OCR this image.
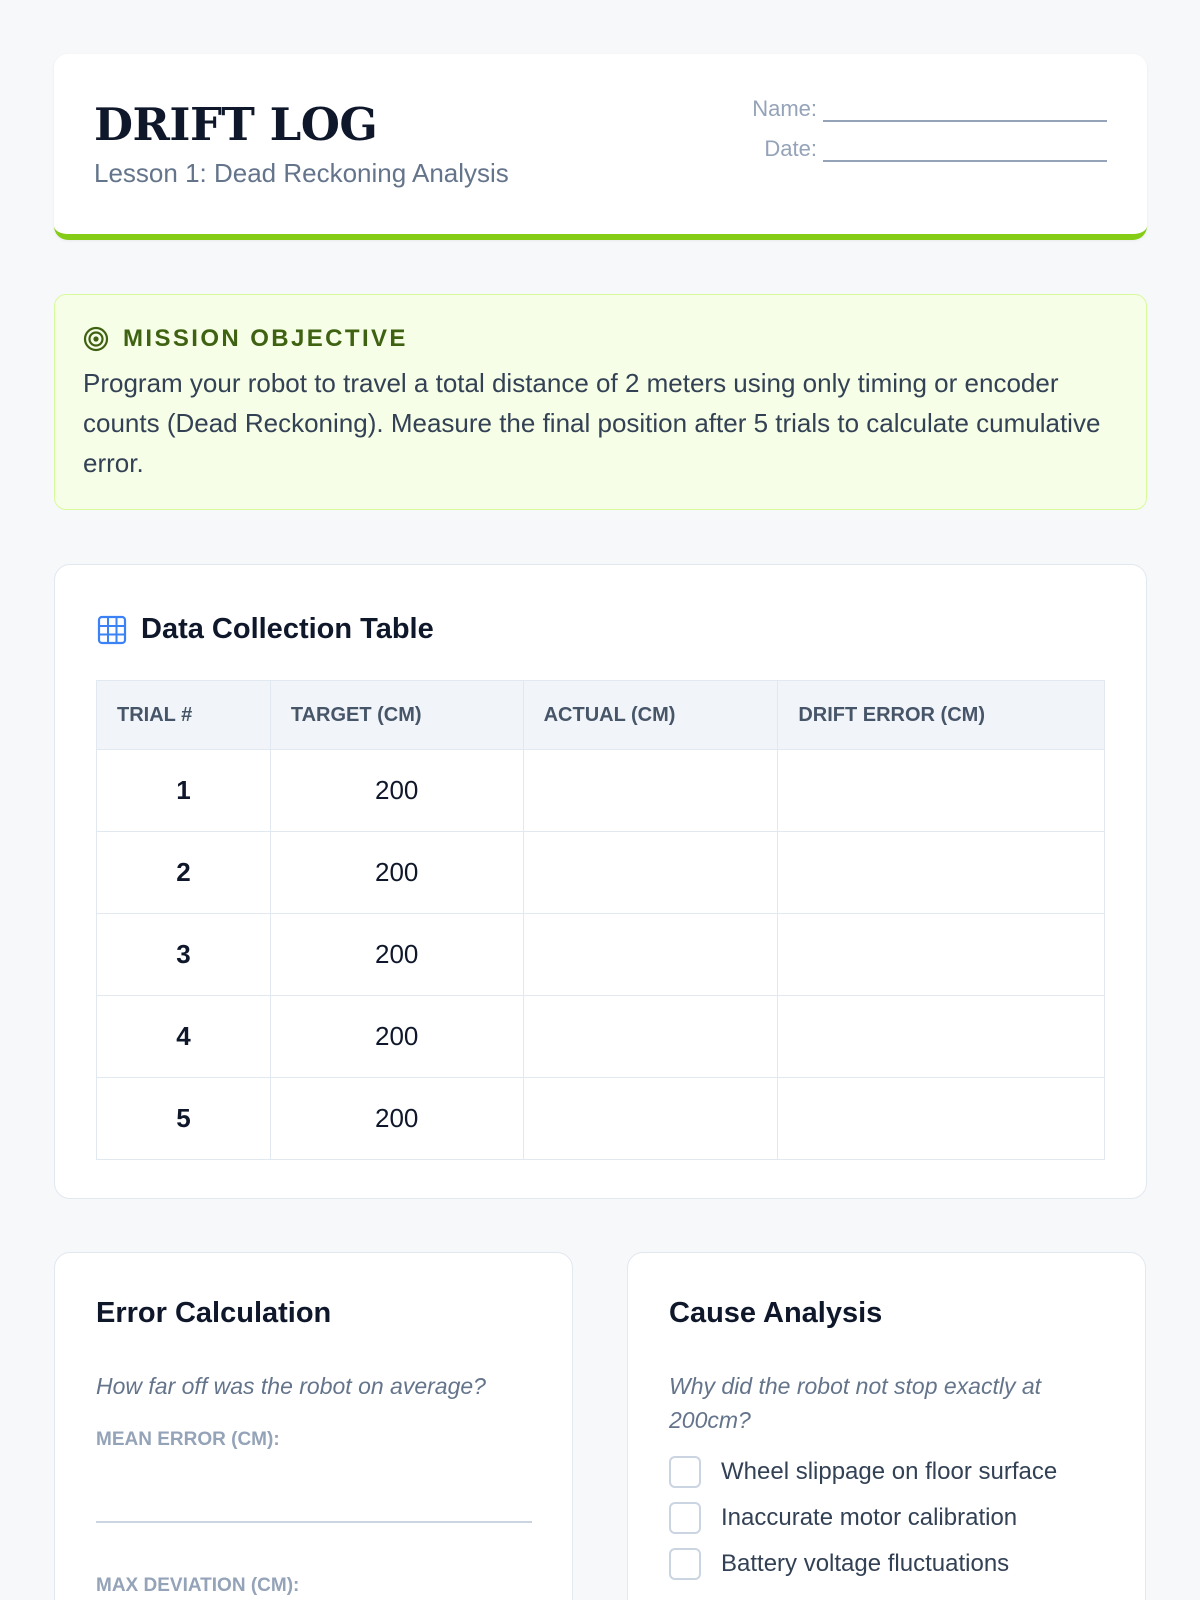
DRIFT LOG
Lesson 1: Dead Reckoning Analysis
Name:
Date:
MISSION OBJECTIVE
Program your robot to travel a total distance of 2 meters using only timing or encoder counts (Dead Reckoning). Measure the final position after 5 trials to calculate cumulative error.
Data Collection Table
TRIAL #	TARGET (CM)	ACTUAL (CM)	DRIFT ERROR (CM)
1	200		
2	200		
3	200		
4	200		
5	200		
Error Calculation
How far off was the robot on average?
MEAN ERROR (CM):
MAX DEVIATION (CM):
Cause Analysis
Why did the robot not stop exactly at 200cm?
Wheel slippage on floor surface
Inaccurate motor calibration
Battery voltage fluctuations
